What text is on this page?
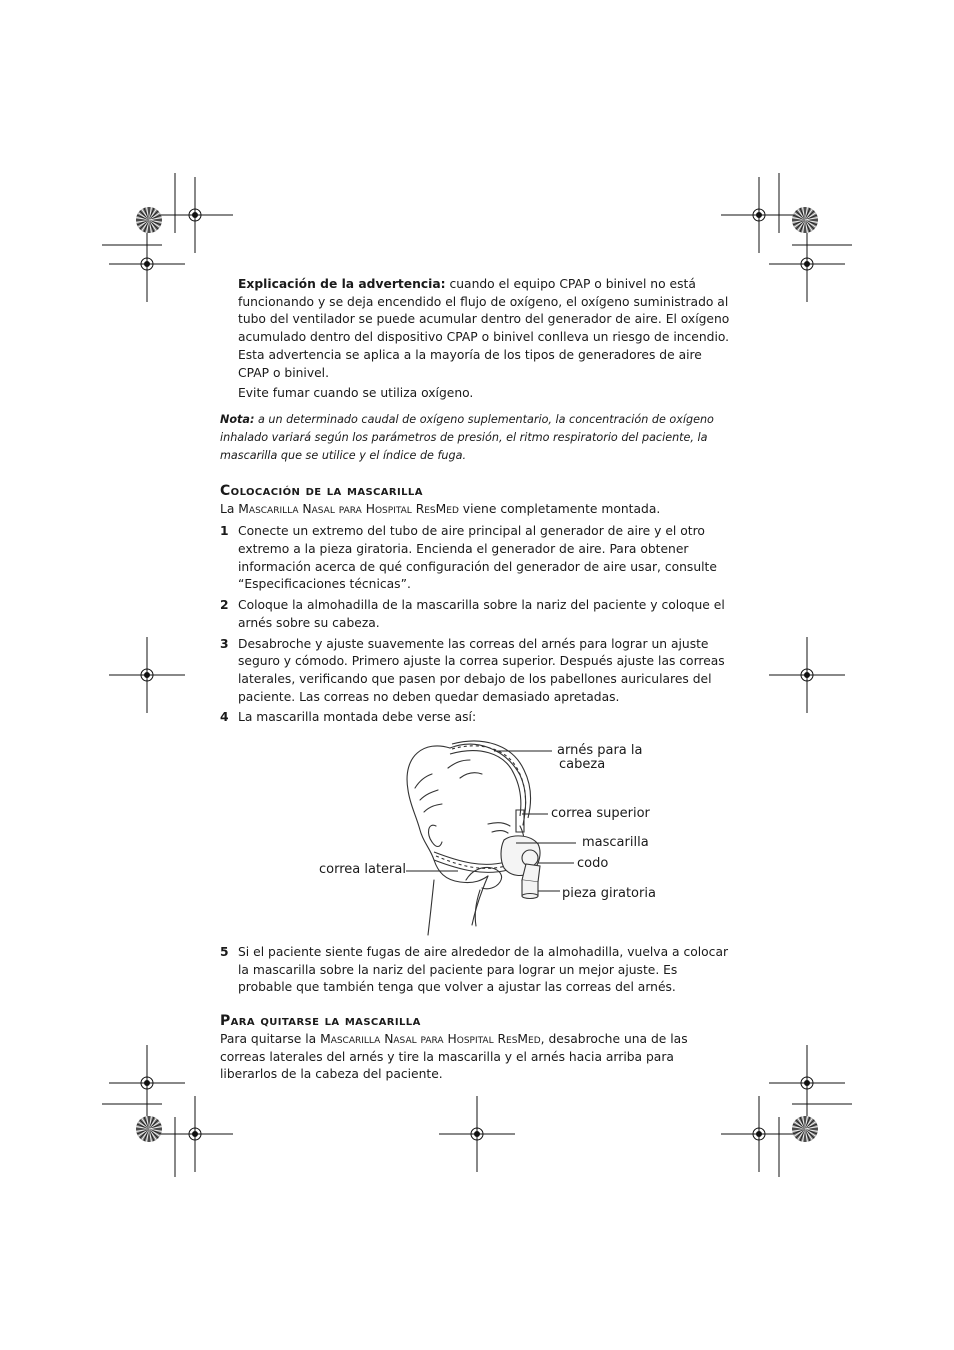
Explicación de la advertencia: cuando el equipo CPAP o binivel no está funcionando y se deja encendido el flujo de oxígeno, el oxígeno suministrado al tubo del ventilador se puede acumular dentro del generador de aire. El oxígeno acumulado dentro del dispositivo CPAP o binivel conlleva un riesgo de incendio. Esta advertencia se aplica a la mayoría de los tipos de generadores de aire CPAP o binivel.

Evite fumar cuando se utiliza oxígeno.

Nota: a un determinado caudal de oxígeno suplementario, la concentración de oxígeno inhalado variará según los parámetros de presión, el ritmo respiratorio del paciente, la mascarilla que se utilice y el índice de fuga.

Colocación de la mascarilla

La Mascarilla Nasal para Hospital ResMed viene completamente montada.

1 Conecte un extremo del tubo de aire principal al generador de aire y el otro extremo a la pieza giratoria. Encienda el generador de aire. Para obtener información acerca de qué configuración del generador de aire usar, consulte “Especificaciones técnicas”.
2 Coloque la almohadilla de la mascarilla sobre la nariz del paciente y coloque el arnés sobre su cabeza.
3 Desabroche y ajuste suavemente las correas del arnés para lograr un ajuste seguro y cómodo. Primero ajuste la correa superior. Después ajuste las correas laterales, verificando que pasen por debajo de los pabellones auriculares del paciente. Las correas no deben quedar demasiado apretadas.
4 La mascarilla montada debe verse así:
arnés para la
cabeza
correa superior
mascarilla
codo
correa lateral
pieza giratoria
5 Si el paciente siente fugas de aire alrededor de la almohadilla, vuelva a colocar la mascarilla sobre la nariz del paciente para lograr un mejor ajuste. Es probable que también tenga que volver a ajustar las correas del arnés.
Para quitarse la mascarilla

Para quitarse la Mascarilla Nasal para Hospital ResMed, desabroche una de las correas laterales del arnés y tire la mascarilla y el arnés hacia arriba para liberarlos de la cabeza del paciente.
